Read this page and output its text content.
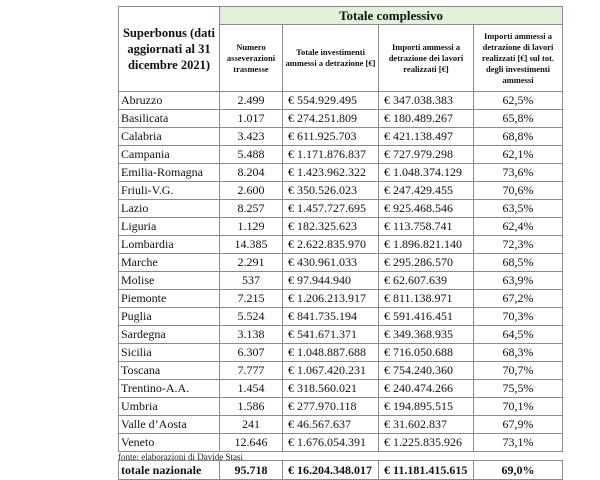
Superbonus (dati aggiornati al 31 dicembre 2021)	Totale complessivo			
	Numero asseverazioni trasmesse	Totale investimenti ammessi a detrazione [€]	Importi ammessi a detrazione dei lavori realizzati [€]	Importi ammessi a detrazione di lavori realizzati [€] sul tot. degli investimenti ammessi
Abruzzo	2.499	€ 554.929.495	€ 347.038.383	62,5%
Basilicata	1.017	€ 274.251.809	€ 180.489.267	65,8%
Calabria	3.423	€ 611.925.703	€ 421.138.497	68,8%
Campania	5.488	€ 1.171.876.837	€ 727.979.298	62,1%
Emilia-Romagna	8.204	€ 1.423.962.322	€ 1.048.374.129	73,6%
Friuli-V.G.	2.600	€ 350.526.023	€ 247.429.455	70,6%
Lazio	8.257	€ 1.457.727.695	€ 925.468.546	63,5%
Liguria	1.129	€ 182.325.623	€ 113.758.741	62,4%
Lombardia	14.385	€ 2.622.835.970	€ 1.896.821.140	72,3%
Marche	2.291	€ 430.961.033	€ 295.286.570	68,5%
Molise	537	€ 97.944.940	€ 62.607.639	63,9%
Piemonte	7.215	€ 1.206.213.917	€ 811.138.971	67,2%
Puglia	5.524	€ 841.735.194	€ 591.416.451	70,3%
Sardegna	3.138	€ 541.671.371	€ 349.368.935	64,5%
Sicilia	6.307	€ 1.048.887.688	€ 716.050.688	68,3%
Toscana	7.777	€ 1.067.420.231	€ 754.240.360	70,7%
Trentino-A.A.	1.454	€ 318.560.021	€ 240.474.266	75,5%
Umbria	1.586	€ 277.970.118	€ 194.895.515	70,1%
Valle d’Aosta	241	€ 46.567.637	€ 31.602.837	67,9%
Veneto	12.646	€ 1.676.054.391	€ 1.225.835.926	73,1%

totale nazionale	95.718	€ 16.204.348.017	€ 11.181.415.615	69,0%
fonte: elaborazioni di Davide Stasi
